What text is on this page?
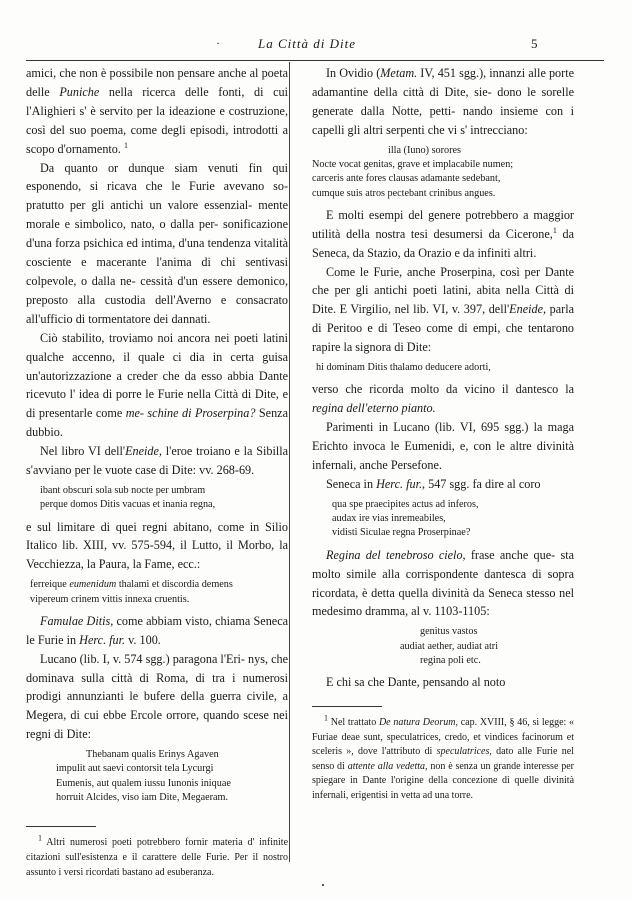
·	La Città di Dite	5

amici, che non è possibile non pensare anche al poeta delle Puniche nella ricerca delle fonti, di cui l'Alighieri s' è servito per la ideazione e costruzione, così del suo poema, come degli episodi, introdotti a scopo d'ornamento. $^1$

Da quanto or dunque siam venuti fin qui esponendo, si ricava che le Furie avevano so- pratutto per gli antichi un valore essenzial- mente morale e simbolico, nato, o dalla per- sonificazione d'una forza psichica ed intima, d'una tendenza vitalità cosciente e macerante l'anima di chi sentivasi colpevole, o dalla ne- cessità d'un essere demonico, preposto alla custodia dell'Averno e consacrato all'ufficio di tormentatore dei dannati.

Ciò stabilito, troviamo noi ancora nei poeti latini qualche accenno, il quale ci dia in certa guisa un'autorizzazione a creder che da esso abbia Dante ricevuto l' idea di porre le Furie nella Città di Dite, e di presentarle come me- schine di Proserpina? Senza dubbio.

Nel libro VI dell'Eneide, l'eroe troiano e la Sibilla s'avviano per le vuote case di Dite: vv. 268-69.

ibant obscuri sola sub nocte per umbram
perque domos Ditis vacuas et inania regna,

e sul limitare di quei regni abitano, come in Silio Italico lib. XIII, vv. 575-594, il Lutto, il Morbo, la Vecchiezza, la Paura, la Fame, ecc.:

ferreique eumenidum thalami et discordia demens
vipereum crinem vittis innexa cruentis.

Famulae Ditis, come abbiam visto, chiama Seneca le Furie in Herc. fur. v. 100.

Lucano (lib. I, v. 574 sgg.) paragona l'Eri- nys, che dominava sulla città di Roma, di tra i numerosi prodigi annunzianti le bufere della guerra civile, a Megera, di cui ebbe Ercole orrore, quando scese nei regni di Dite:

Thebanam qualis Erinys Agaven
impulit aut saevi contorsit tela Lycurgi
Eumenis, aut qualem iussu Iunonis iniquae
horruit Alcides, viso iam Dite, Megaeram.
$^1$ Altri numerosi poeti potrebbero fornir materia d' infinite citazioni sull'esistenza e il carattere delle Furie. Per il nostro assunto i versi ricordati bastano ad esuberanza.

In Ovidio (Metam. IV, 451 sgg.), innanzi alle porte adamantine della città di Dite, sie- dono le sorelle generate dalla Notte, petti- nando insieme con i capelli gli altri serpenti che vi s' intrecciano:

illa (Iuno) sorores
Nocte vocat genitas, grave et implacabile numen;
carceris ante fores clausas adamante sedebant,
cumque suis atros pectebant crinibus angues.

E molti esempi del genere potrebbero a maggior utilità della nostra tesi desumersi da Cicerone,$^1$ da Seneca, da Stazio, da Orazio e da infiniti altri.

Come le Furie, anche Proserpina, così per Dante che per gli antichi poeti latini, abita nella Città di Dite. E Virgilio, nel lib. VI, v. 397, dell'Eneide, parla di Peritoo e di Teseo come di empi, che tentarono rapire la signora di Dite:

hi dominam Ditis thalamo deducere adorti,

verso che ricorda molto da vicino il dantesco la regina dell'eterno pianto.

Parimenti in Lucano (lib. VI, 695 sgg.) la maga Erichto invoca le Eumenidi, e, con le altre divinità infernali, anche Persefone.

Seneca in Herc. fur., 547 sgg. fa dire al coro

qua spe praecipites actus ad inferos,
audax ire vias inremeabiles,
vidisti Siculae regna Proserpinae?

Regina del tenebroso cielo, frase anche que- sta molto simile alla corrispondente dantesca di sopra ricordata, è detta quella divinità da Seneca stesso nel medesimo dramma, al v. 1103-1105:

genitus vastos
audiat aether, audiat atri
regina poli etc.

E chi sa che Dante, pensando al noto

$^1$ Nel trattato De natura Deorum, cap. XVIII, § 46, si legge: « Furiae deae sunt, speculatrices, credo, et vindices facinorum et sceleris », dove l'attributo di speculatrices, dato alle Furie nel senso di attente alla vedetta, non è senza un grande interesse per spiegare in Dante l'origine della concezione di quelle divinità infernali, erigentisi in vetta ad una torre.
